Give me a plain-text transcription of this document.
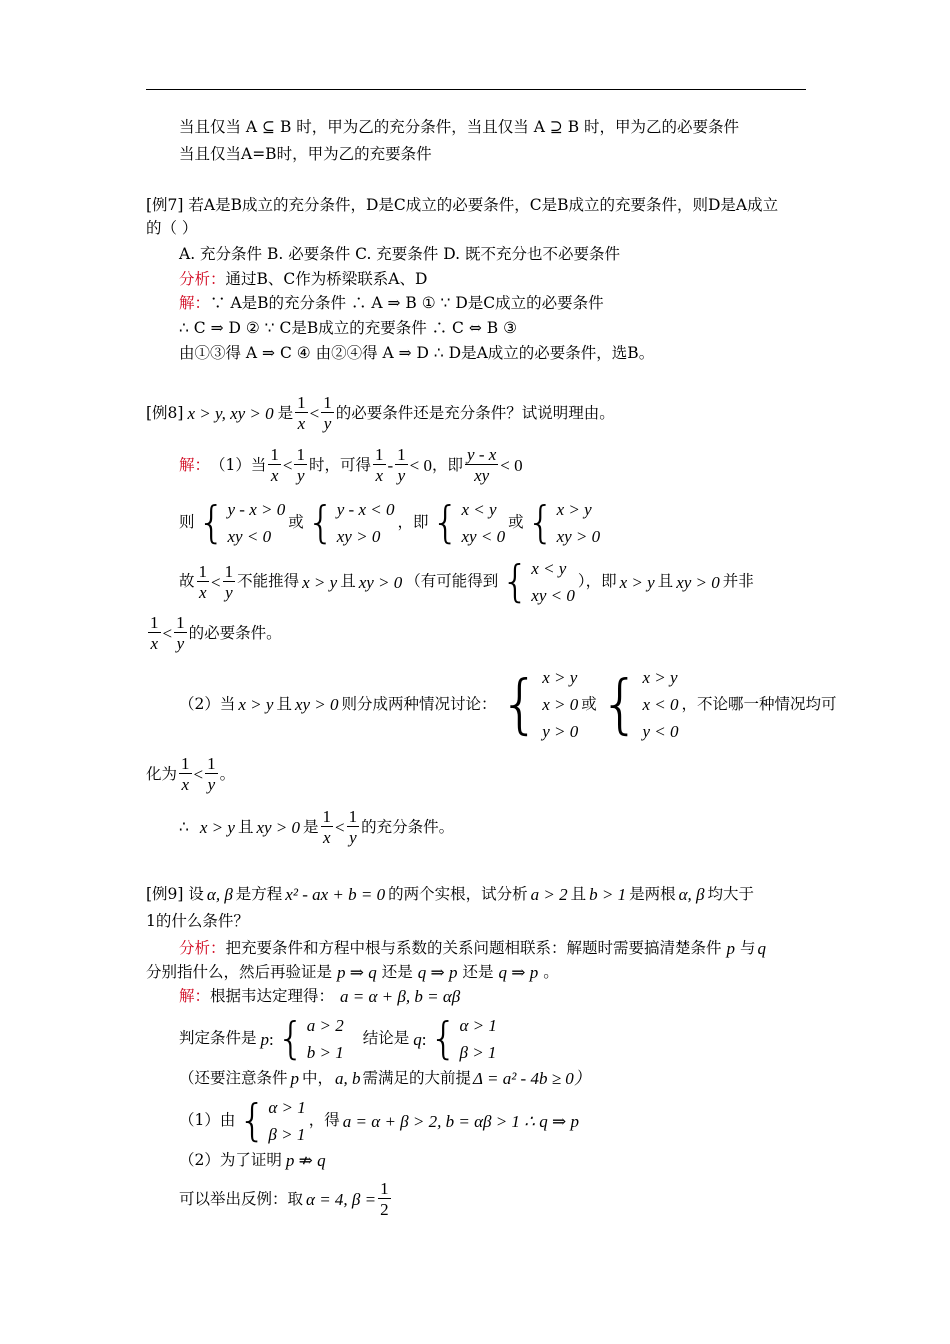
当且仅当 A ⊆ B 时，甲为乙的充分条件，当且仅当 A ⊇ B 时，甲为乙的必要条件
当且仅当A=B时，甲为乙的充要条件
[例7] 若A是B成立的充分条件，D是C成立的必要条件，C是B成立的充要条件，则D是A成立
的（ ）
A. 充分条件 B. 必要条件 C. 充要条件 D. 既不充分也不必要条件
分析：通过B、C作为桥梁联系A、D
解：∵ A是B的充分条件 ∴ A ⇒ B ① ∵ D是C成立的必要条件
∴ C ⇒ D ② ∵ C是B成立的充要条件 ∴ C ⇔ B ③
由①③得 A ⇒ C ④ 由②④得 A ⇒ D ∴ D是A成立的必要条件，选B。
[例8] x > y, xy > 0 是 $\frac{1}{x} < \frac{1}{y}$ 的必要条件还是充分条件？试说明理由。
解： （1）当 $\frac{1}{x} < \frac{1}{y}$ 时，可得 $\frac{1}{x} - \frac{1}{y} < 0$ ，即 $\frac{y - x}{xy} < 0$
则 { y - x > 0
xy < 0
或 { y - x < 0
xy > 0
，即 { x < y
xy < 0
或 { x > y
xy > 0
故 $\frac{1}{x} < \frac{1}{y}$ 不能推得 x > y 且 xy > 0 （有可能得到 { x < y
xy < 0
），即 x > y 且 xy > 0 并非
$\frac{1}{x} < \frac{1}{y}$ 的必要条件。
（2）当 x > y 且 xy > 0 则分成两种情况讨论： { x > y
x > 0
y > 0
或 { x > y
x < 0
y < 0
，不论哪一种情况均可
化为 $\frac{1}{x} < \frac{1}{y}$ 。
∴ x > y 且 xy > 0 是 $\frac{1}{x} < \frac{1}{y}$ 的充分条件。
[例9] 设 α, β 是方程 x² - ax + b = 0 的两个实根，试分析 a > 2 且 b > 1 是两根 α, β 均大于
1的什么条件？
分析： 把充要条件和方程中根与系数的关系问题相联系：解题时需要搞清楚条件 p 与 q
分别指什么，然后再验证是 p ⇒ q 还是 q ⇒ p 还是 q ⇒ p 。
解： 根据韦达定理得： a = α + β, b = αβ
判定条件是 p : { a > 2
b > 1
结论是 q : { α > 1
β > 1
（还要注意条件 p 中， a, b 需满足的大前提 Δ = a² - 4b ≥ 0）
（1）由 { α > 1
β > 1
，得 a = α + β > 2, b = αβ > 1 ∴ q ⇒ p
（2）为了证明 p ⇏ q
可以举出反例：取 α = 4, $\beta = \frac{1}{2}$
